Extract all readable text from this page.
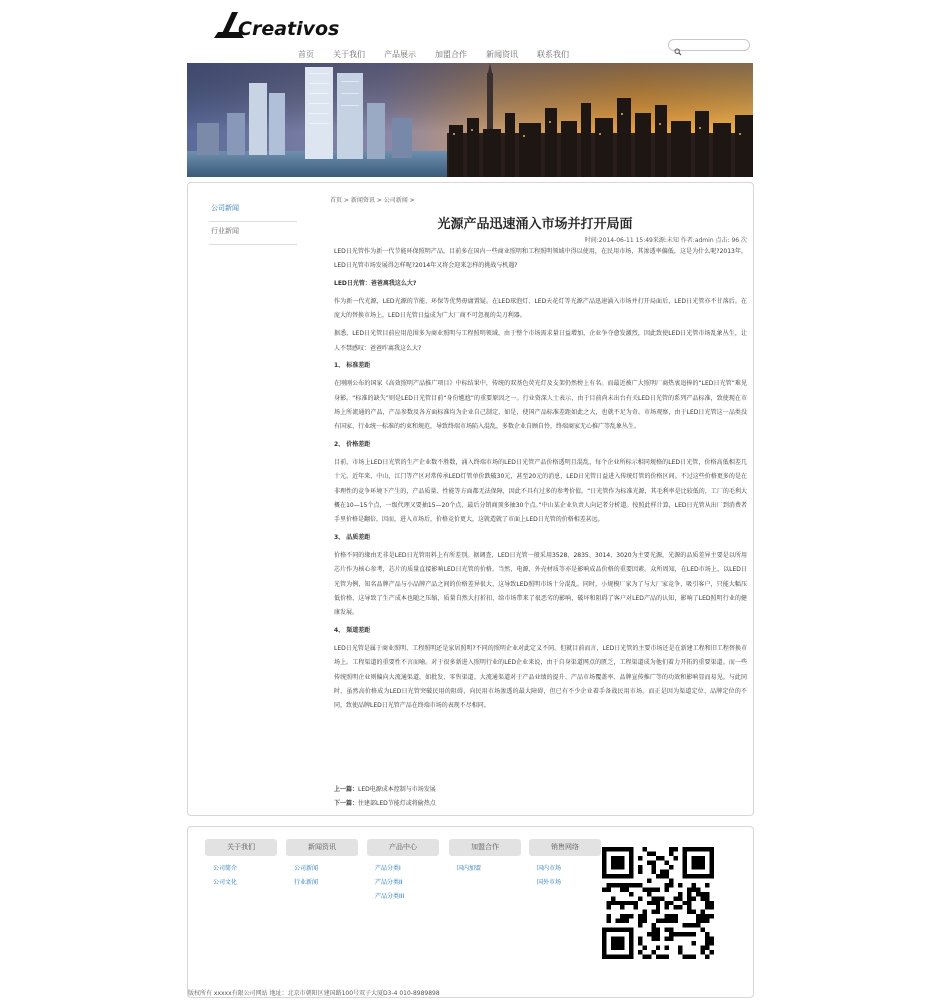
Creativos
首页 关于我们 产品展示 加盟合作 新闻资讯 联系我们
公司新闻
行业新闻
首页 > 新闻资讯 > 公司新闻 >
光源产品迅速涌入市场并打开局面
时间:2014-06-11 15:49来源:未知 作者:admin 点击: 96 次

LED日光管作为新一代节能环保照明产品，目前多在国内一些商业照明和工程照明领域中得以使用，在民用市场，其渗透率偏低，这是为什么呢?2013年，LED日光管市场发展得怎样呢?2014年又将会迎来怎样的挑战与机遇?

LED日光管：爸爸离我这么大?

作为新一代光源，LED光源的节能、环保等优势毋庸置疑。在LED球泡灯、LED天花灯等光源产品迅速涌入市场并打开局面后，LED日光管亦不甘落后。在庞大的替换市场上，LED日光管日益成为广大厂商不可忽视的尖刀利器。

据悉，LED日光管目前应用范围多为商业照明与工程照明领域，由于整个市场需求量日益增加，企业争夺愈发激烈，因此致使LED日光管市场乱象丛生，让人不禁感叹：爸爸咋离我这么大?

1、 标准差距

在刚刚公布的国家《高效照明产品推广项目》中标结果中，传统的双基色荧光灯及支架仍然榜上有名。而最近被广大照明厂商热衷追捧的“LED日光管”难见身影。“标准的缺失”则是LED日光管目前“身份尴尬”的重要原因之一。行业资深人士表示，由于目前尚未出台有关LED日光管的系列产品标准，致使现在市场上所流通的产品，产品参数及各方面标准均为企业自己制定，如是，使国产品标准差距如此之大，也就不足为奇。市场观察，由于LED日光管这一品类没有国家、行业统一标准的约束和规范，导致终端市场陷入混乱，多数企业自顾自怜，终端商家无心推广等乱象丛生。

2、 价格差距

目前，市场上LED日光管的生产企业数不胜数，涌入终端市场的LED日光管产品价格透明且混乱，每个企业所标示相同规格的LED日光管，价格高低相差几十元。近年来，中山、江门等产区对常传承LED灯管单价跌破30元，甚至20元的消息，LED日光管日益进入传统灯管的价格区间。不过这些价格更多的是在非理性的竞争环境下产生的，产品质量、性能等方面都无法保障，因此不具有过多的参考价值。“日光管作为标准光源，其毛利率是比较低的，工厂的毛利大概在10—15个点，一级代理又要抽15—20个点，最后分销商顶多抽30个点。”中山某企业负责人向记者分析道。按照此样计算，LED日光管从出厂到消费者手里价格是翻倍，因而，进入市场后，价格竞价更大，这就造就了市面上LED日光管的价格相差甚远。

3、 品质差距

价格不同的缘由无非是LED日光管用料上有所差别。据调查，LED日光管一般采用3528、2835、3014、3020为主要光源，光源的品质差异主要是以所用芯片作为核心参考，芯片的质量直接影响LED日光管的价格。当然，电源、外壳材质等亦是影响成品价格的重要因素。众所周知，在LED市场上，以LED日光管为例，知名品牌产品与小品牌产品之间的价格差异很大，这导致LED照明市场十分混乱。同时，小规模厂家为了与大厂家竞争，吸引客户，只能大幅压低价格，这导致了生产成本也随之压缩，质量自然大打折扣，给市场带来了很恶劣的影响，破坏和阻碍了客户对LED产品的认知，影响了LED照明行业的健康发展。

4、 渠道差距

LED日光管是属于商业照明、工程照明还是家居照明?不同的照明企业对此定义不同。但就目前而言，LED日光管的主要市场还是在新建工程和旧工程替换市场上。工程渠道的重要性不言而喻。对于很多新进入照明行业的LED企业来说，由于自身渠道网点的匮乏，工程渠道成为他们着力开拓的重要渠道。而一些传统照明企业则偏向大流通渠道，如批发、零售渠道。大流通渠道对于产品业绩的提升、产品市场覆盖率、品牌宣传推广等的功效和影响显而易见。与此同时，虽然高价格成为LED日光管突破民用的阻碍，向民用市场渗透的最大障碍，但已有不少企业着手备战民用市场。而正是因为渠道定位、品牌定位的不同，致使品牌LED日光管产品在终端市场的表现不尽相同。

上一篇：LED电源成本控制与市场发展
下一篇：住建部LED节能灯或将偷热点
关于我们
公司简介
公司文化
新闻资讯
公司新闻
行业新闻
产品中心
产品分类I
产品分类II
产品分类III
加盟合作
国内加盟
销售网络
国内市场
国外市场
版权所有 xxxxx有限公司网站 地址：北京市朝阳区建国路100号双子大厦D3-4 010-8989898
